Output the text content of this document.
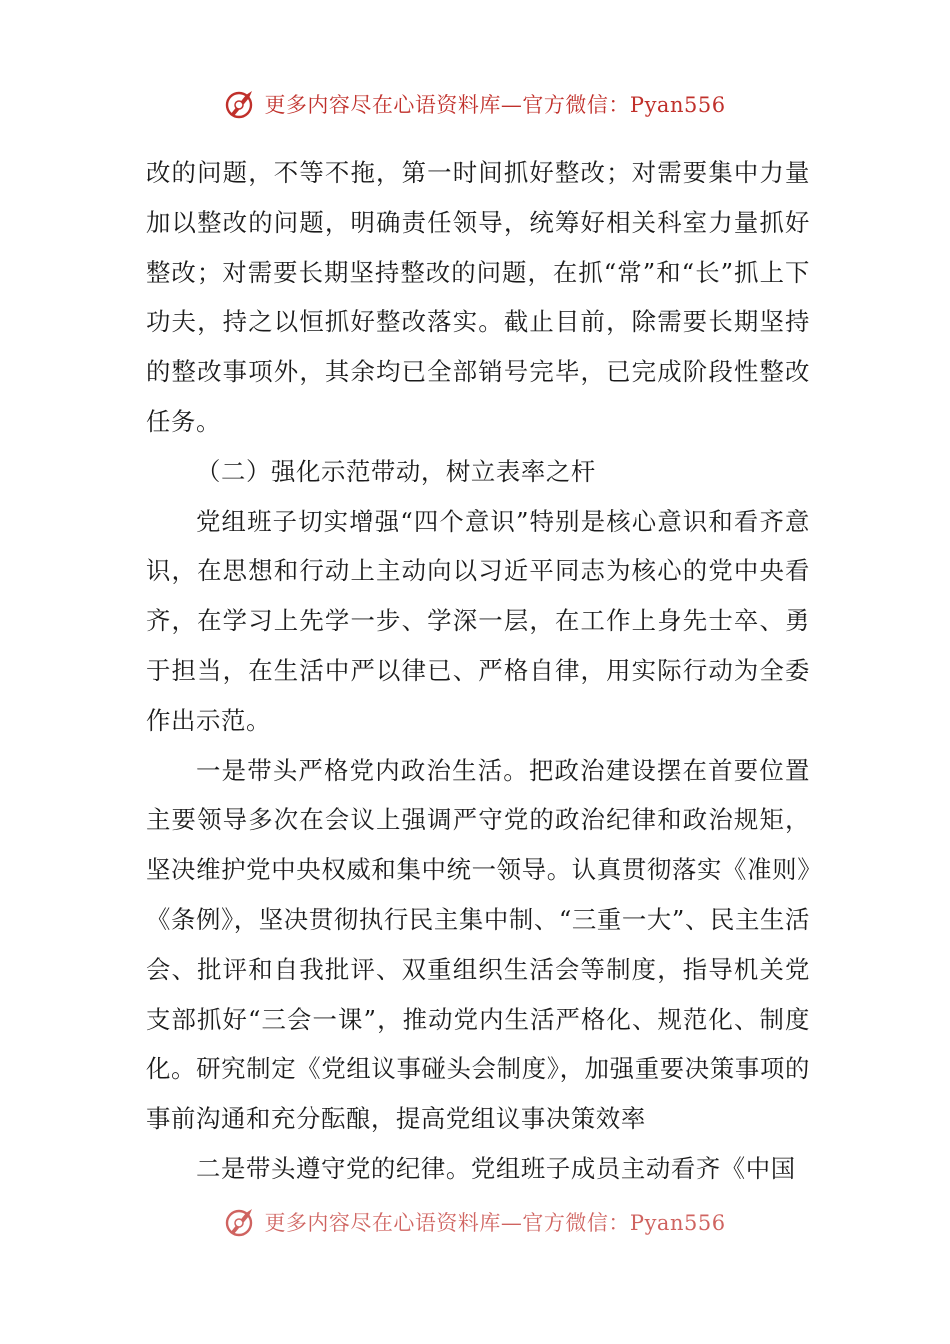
更多内容尽在心语资料库—官方微信：Pyan556

改的问题，不等不拖，第一时间抓好整改；对需要集中力量加以整改的问题，明确责任领导，统筹好相关科室力量抓好整改；对需要长期坚持整改的问题，在抓“常”和“长”抓上下功夫，持之以恒抓好整改落实。截止目前，除需要长期坚持的整改事项外，其余均已全部销号完毕，已完成阶段性整改任务。

（二）强化示范带动，树立表率之杆

党组班子切实增强“四个意识”特别是核心意识和看齐意识，在思想和行动上主动向以习近平同志为核心的党中央看齐，在学习上先学一步、学深一层，在工作上身先士卒、勇于担当，在生活中严以律已、严格自律，用实际行动为全委作出示范。

一是带头严格党内政治生活。把政治建设摆在首要位置主要领导多次在会议上强调严守党的政治纪律和政治规矩，坚决维护党中央权威和集中统一领导。认真贯彻落实《准则》《条例》，坚决贯彻执行民主集中制、“三重一大”、民主生活会、批评和自我批评、双重组织生活会等制度，指导机关党支部抓好“三会一课”，推动党内生活严格化、规范化、制度化。研究制定《党组议事碰头会制度》，加强重要决策事项的事前沟通和充分酝酿，提高党组议事决策效率

二是带头遵守党的纪律。党组班子成员主动看齐《中国

更多内容尽在心语资料库—官方微信：Pyan556
